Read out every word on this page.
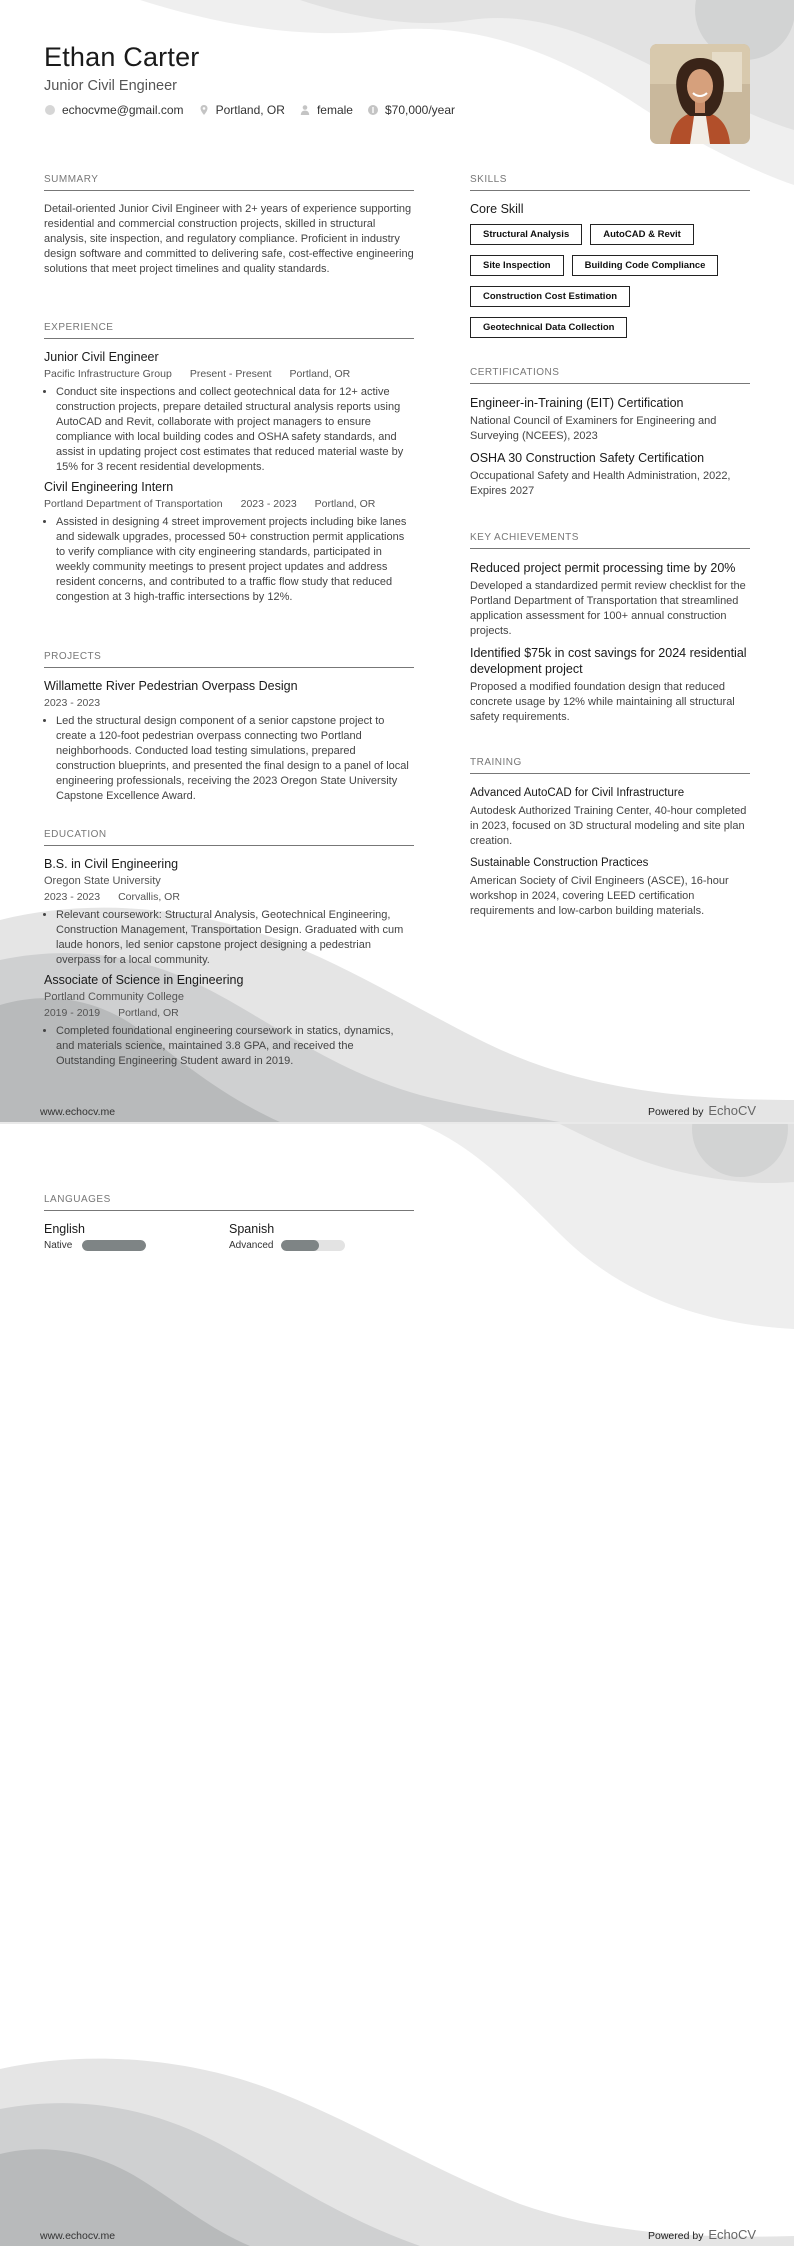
Ethan Carter
Junior Civil Engineer
echocvme@gmail.com	Portland, OR	female	$70,000/year
SUMMARY
Detail-oriented Junior Civil Engineer with 2+ years of experience supporting residential and commercial construction projects, skilled in structural analysis, site inspection, and regulatory compliance. Proficient in industry design software and committed to delivering safe, cost-effective engineering solutions that meet project timelines and quality standards.
EXPERIENCE
Junior Civil Engineer
Pacific Infrastructure Group Present - Present Portland, OR
• Conduct site inspections and collect geotechnical data for 12+ active construction projects, prepare detailed structural analysis reports using AutoCAD and Revit, collaborate with project managers to ensure compliance with local building codes and OSHA safety standards, and assist in updating project cost estimates that reduced material waste by 15% for 3 recent residential developments.
Civil Engineering Intern
Portland Department of Transportation 2023 - 2023 Portland, OR
• Assisted in designing 4 street improvement projects including bike lanes and sidewalk upgrades, processed 50+ construction permit applications to verify compliance with city engineering standards, participated in weekly community meetings to present project updates and address resident concerns, and contributed to a traffic flow study that reduced congestion at 3 high-traffic intersections by 12%.
PROJECTS
Willamette River Pedestrian Overpass Design
2023 - 2023
• Led the structural design component of a senior capstone project to create a 120-foot pedestrian overpass connecting two Portland neighborhoods. Conducted load testing simulations, prepared construction blueprints, and presented the final design to a panel of local engineering professionals, receiving the 2023 Oregon State University Capstone Excellence Award.
EDUCATION
B.S. in Civil Engineering
Oregon State University
2023 - 2023 Corvallis, OR
• Relevant coursework: Structural Analysis, Geotechnical Engineering, Construction Management, Transportation Design. Graduated with cum laude honors, led senior capstone project designing a pedestrian overpass for a local community.
Associate of Science in Engineering
Portland Community College
2019 - 2019 Portland, OR
• Completed foundational engineering coursework in statics, dynamics, and materials science, maintained 3.8 GPA, and received the Outstanding Engineering Student award in 2019.
SKILLS
Core Skill
Structural Analysis	AutoCAD & Revit
Site Inspection	Building Code Compliance
Construction Cost Estimation
Geotechnical Data Collection
CERTIFICATIONS
Engineer-in-Training (EIT) Certification
National Council of Examiners for Engineering and Surveying (NCEES), 2023
OSHA 30 Construction Safety Certification
Occupational Safety and Health Administration, 2022, Expires 2027
KEY ACHIEVEMENTS
Reduced project permit processing time by 20%
Developed a standardized permit review checklist for the Portland Department of Transportation that streamlined application assessment for 100+ annual construction projects.
Identified $75k in cost savings for 2024 residential development project
Proposed a modified foundation design that reduced concrete usage by 12% while maintaining all structural safety requirements.
TRAINING
Advanced AutoCAD for Civil Infrastructure
Autodesk Authorized Training Center, 40-hour completed in 2023, focused on 3D structural modeling and site plan creation.
Sustainable Construction Practices
American Society of Civil Engineers (ASCE), 16-hour workshop in 2024, covering LEED certification requirements and low-carbon building materials.
www.echocv.me	Powered by EchoCV
LANGUAGES
English
Native
Spanish
Advanced
www.echocv.me	Powered by EchoCV
